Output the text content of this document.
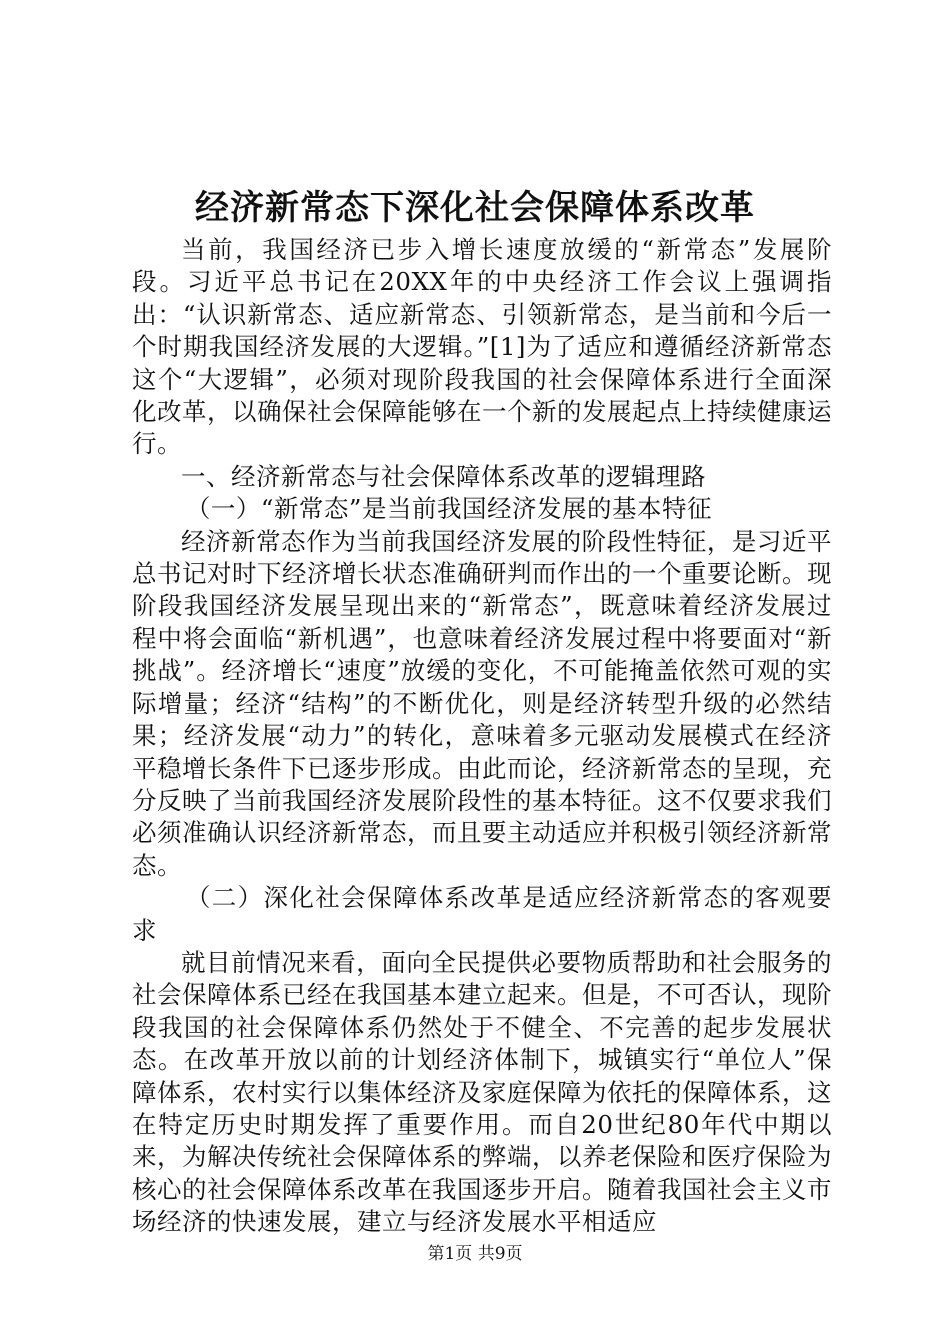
经济新常态下深化社会保障体系改革

当前，我国经济已步入增长速度放缓的“新常态”发展阶段。习近平总书记在20XX年的中央经济工作会议上强调指出：“认识新常态、适应新常态、引领新常态，是当前和今后一个时期我国经济发展的大逻辑。”[1]为了适应和遵循经济新常态这个“大逻辑”，必须对现阶段我国的社会保障体系进行全面深化改革，以确保社会保障能够在一个新的发展起点上持续健康运行。

一、经济新常态与社会保障体系改革的逻辑理路

（一）“新常态”是当前我国经济发展的基本特征

经济新常态作为当前我国经济发展的阶段性特征，是习近平总书记对时下经济增长状态准确研判而作出的一个重要论断。现阶段我国经济发展呈现出来的“新常态”，既意味着经济发展过程中将会面临“新机遇”，也意味着经济发展过程中将要面对“新挑战”。经济增长“速度”放缓的变化，不可能掩盖依然可观的实际增量；经济“结构”的不断优化，则是经济转型升级的必然结果；经济发展“动力”的转化，意味着多元驱动发展模式在经济平稳增长条件下已逐步形成。由此而论，经济新常态的呈现，充分反映了当前我国经济发展阶段性的基本特征。这不仅要求我们必须准确认识经济新常态，而且要主动适应并积极引领经济新常态。

（二）深化社会保障体系改革是适应经济新常态的客观要求

就目前情况来看，面向全民提供必要物质帮助和社会服务的社会保障体系已经在我国基本建立起来。但是，不可否认，现阶段我国的社会保障体系仍然处于不健全、不完善的起步发展状态。在改革开放以前的计划经济体制下，城镇实行“单位人”保障体系，农村实行以集体经济及家庭保障为依托的保障体系，这在特定历史时期发挥了重要作用。而自20世纪80年代中期以来，为解决传统社会保障体系的弊端，以养老保险和医疗保险为核心的社会保障体系改革在我国逐步开启。随着我国社会主义市场经济的快速发展，建立与经济发展水平相适应

第1页 共9页
